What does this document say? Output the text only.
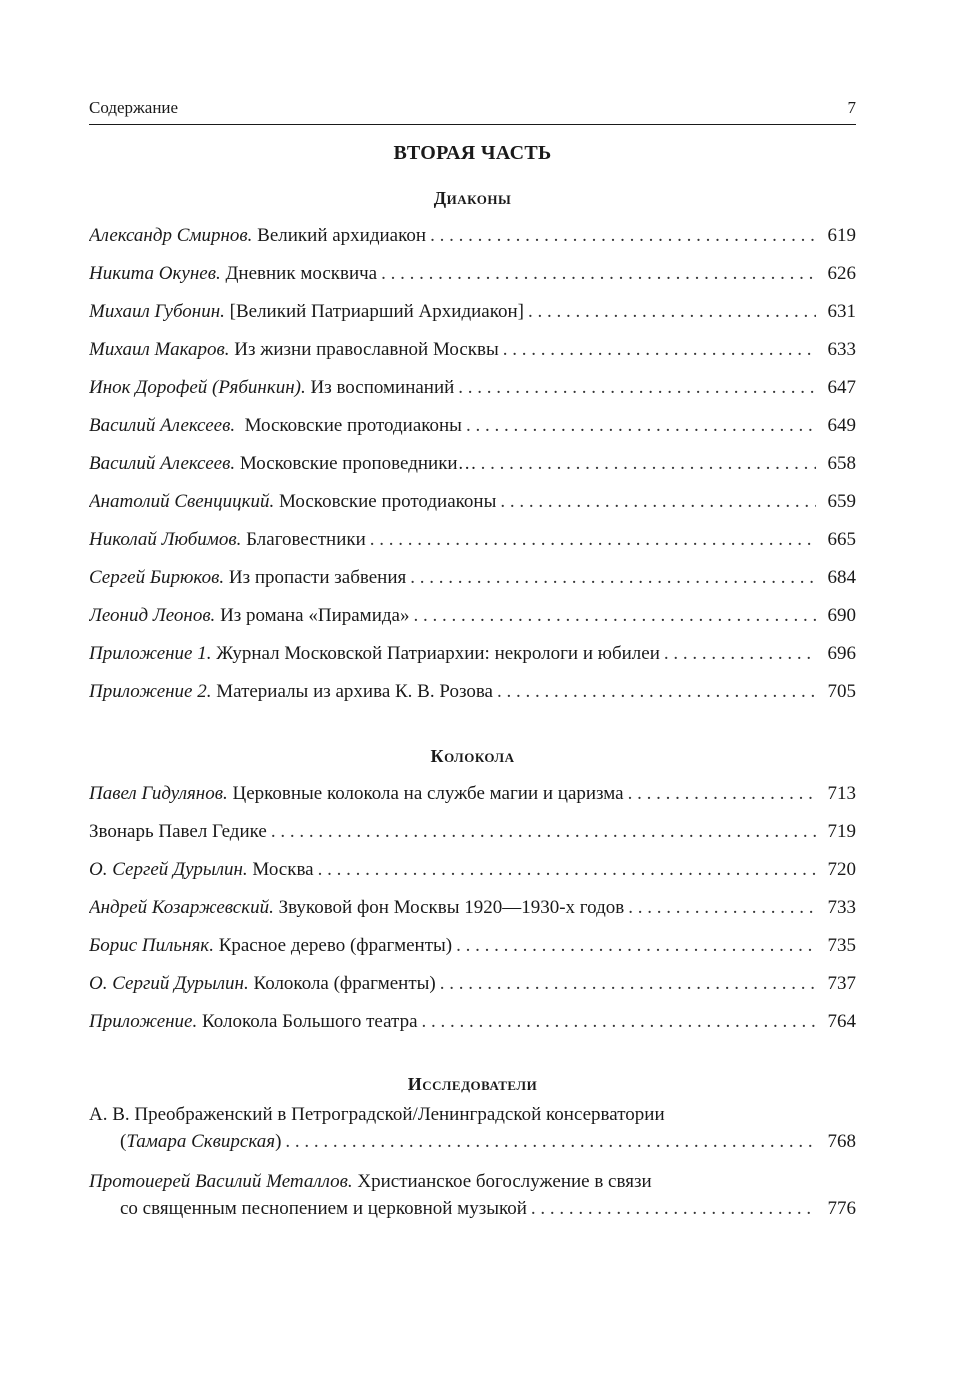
Содержание	7
ВТОРАЯ ЧАСТЬ
Диаконы
Александр Смирнов. Великий архидиакон . . .	619
Никита Окунев. Дневник москвича . . .	626
Михаил Губонин. [Великий Патриарший Архидиакон] . . .	631
Михаил Макаров. Из жизни православной Москвы . . .	633
Инок Дорофей (Рябинкин). Из воспоминаний . . .	647
Василий Алексеев.  Московские протодиаконы . . .	649
Василий Алексеев. Московские проповедники… . . .	658
Анатолий Свенцицкий. Московские протодиаконы . . .	659
Николай Любимов. Благовестники . . .	665
Сергей Бирюков. Из пропасти забвения . . .	684
Леонид Леонов. Из романа «Пирамида» . . .	690
Приложение 1. Журнал Московской Патриархии: некрологи и юбилеи . . .	696
Приложение 2. Материалы из архива К. В. Розова . . .	705
Колокола
Павел Гидулянов. Церковные колокола на службе магии и царизма . . .	713
Звонарь Павел Гедике . . .	719
О. Сергей Дурылин. Москва . . .	720
Андрей Козаржевский. Звуковой фон Москвы 1920—1930-х годов . . .	733
Борис Пильняк. Красное дерево (фрагменты) . . .	735
О. Сергий Дурылин. Колокола (фрагменты) . . .	737
Приложение. Колокола Большого театра . . .	764
Исследователи
А. В. Преображенский в Петроградской/Ленинградской консерватории
(Тамара Сквирская) . . .	768
Протоиерей Василий Металлов. Христианское богослужение в связи
со священным песнопением и церковной музыкой . . .	776
